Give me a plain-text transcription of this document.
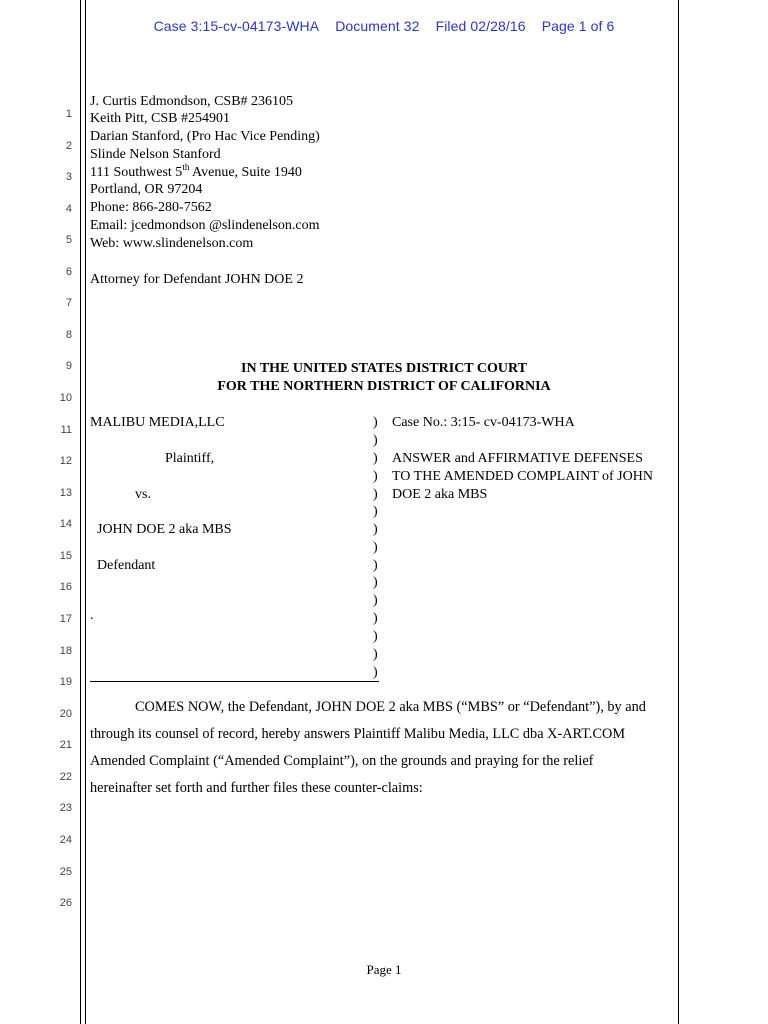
Case 3:15-cv-04173-WHA Document 32 Filed 02/28/16 Page 1 of 6
1
2
3
4
5
6
7
8
9
10
11
12
13
14
15
16
17
18
19
20
21
22
23
24
25
26
J. Curtis Edmondson, CSB# 236105
Keith Pitt, CSB #254901
Darian Stanford, (Pro Hac Vice Pending)
Slinde Nelson Stanford
111 Southwest 5th Avenue, Suite 1940
Portland, OR 97204
Phone: 866-280-7562
Email: jcedmondson @slindenelson.com
Web: www.slindenelson.com
Attorney for Defendant JOHN DOE 2
IN THE UNITED STATES DISTRICT COURT
FOR THE NORTHERN DISTRICT OF CALIFORNIA
MALIBU MEDIA,LLC
Plaintiff,
vs.
JOHN DOE 2 aka MBS
Defendant
.
)
)
)
)
)
)
)
)
)
)
)
)
)
)
)
Case No.: 3:15- cv-04173-WHA
ANSWER and AFFIRMATIVE DEFENSES
TO THE AMENDED COMPLAINT of JOHN
DOE 2 aka MBS
COMES NOW, the Defendant, JOHN DOE 2 aka MBS (“MBS” or “Defendant”), by and
through its counsel of record, hereby answers Plaintiff Malibu Media, LLC dba X-ART.COM
Amended Complaint (“Amended Complaint”), on the grounds and praying for the relief
hereinafter set forth and further files these counter-claims:
Page 1
